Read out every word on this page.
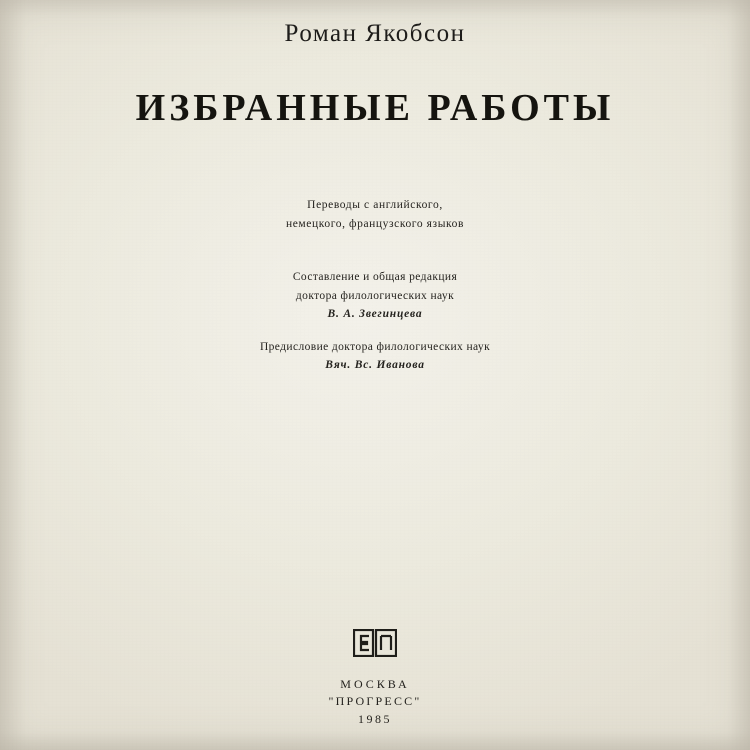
Роман Якобсон
ИЗБРАННЫЕ РАБОТЫ
Переводы с английского,
немецкого, французского языков
Составление и общая редакция
доктора филологических наук
В. А. Звегинцева
Предисловие доктора филологических наук
Вяч. Вс. Иванова
МОСКВА
"ПРОГРЕСС"
1985
